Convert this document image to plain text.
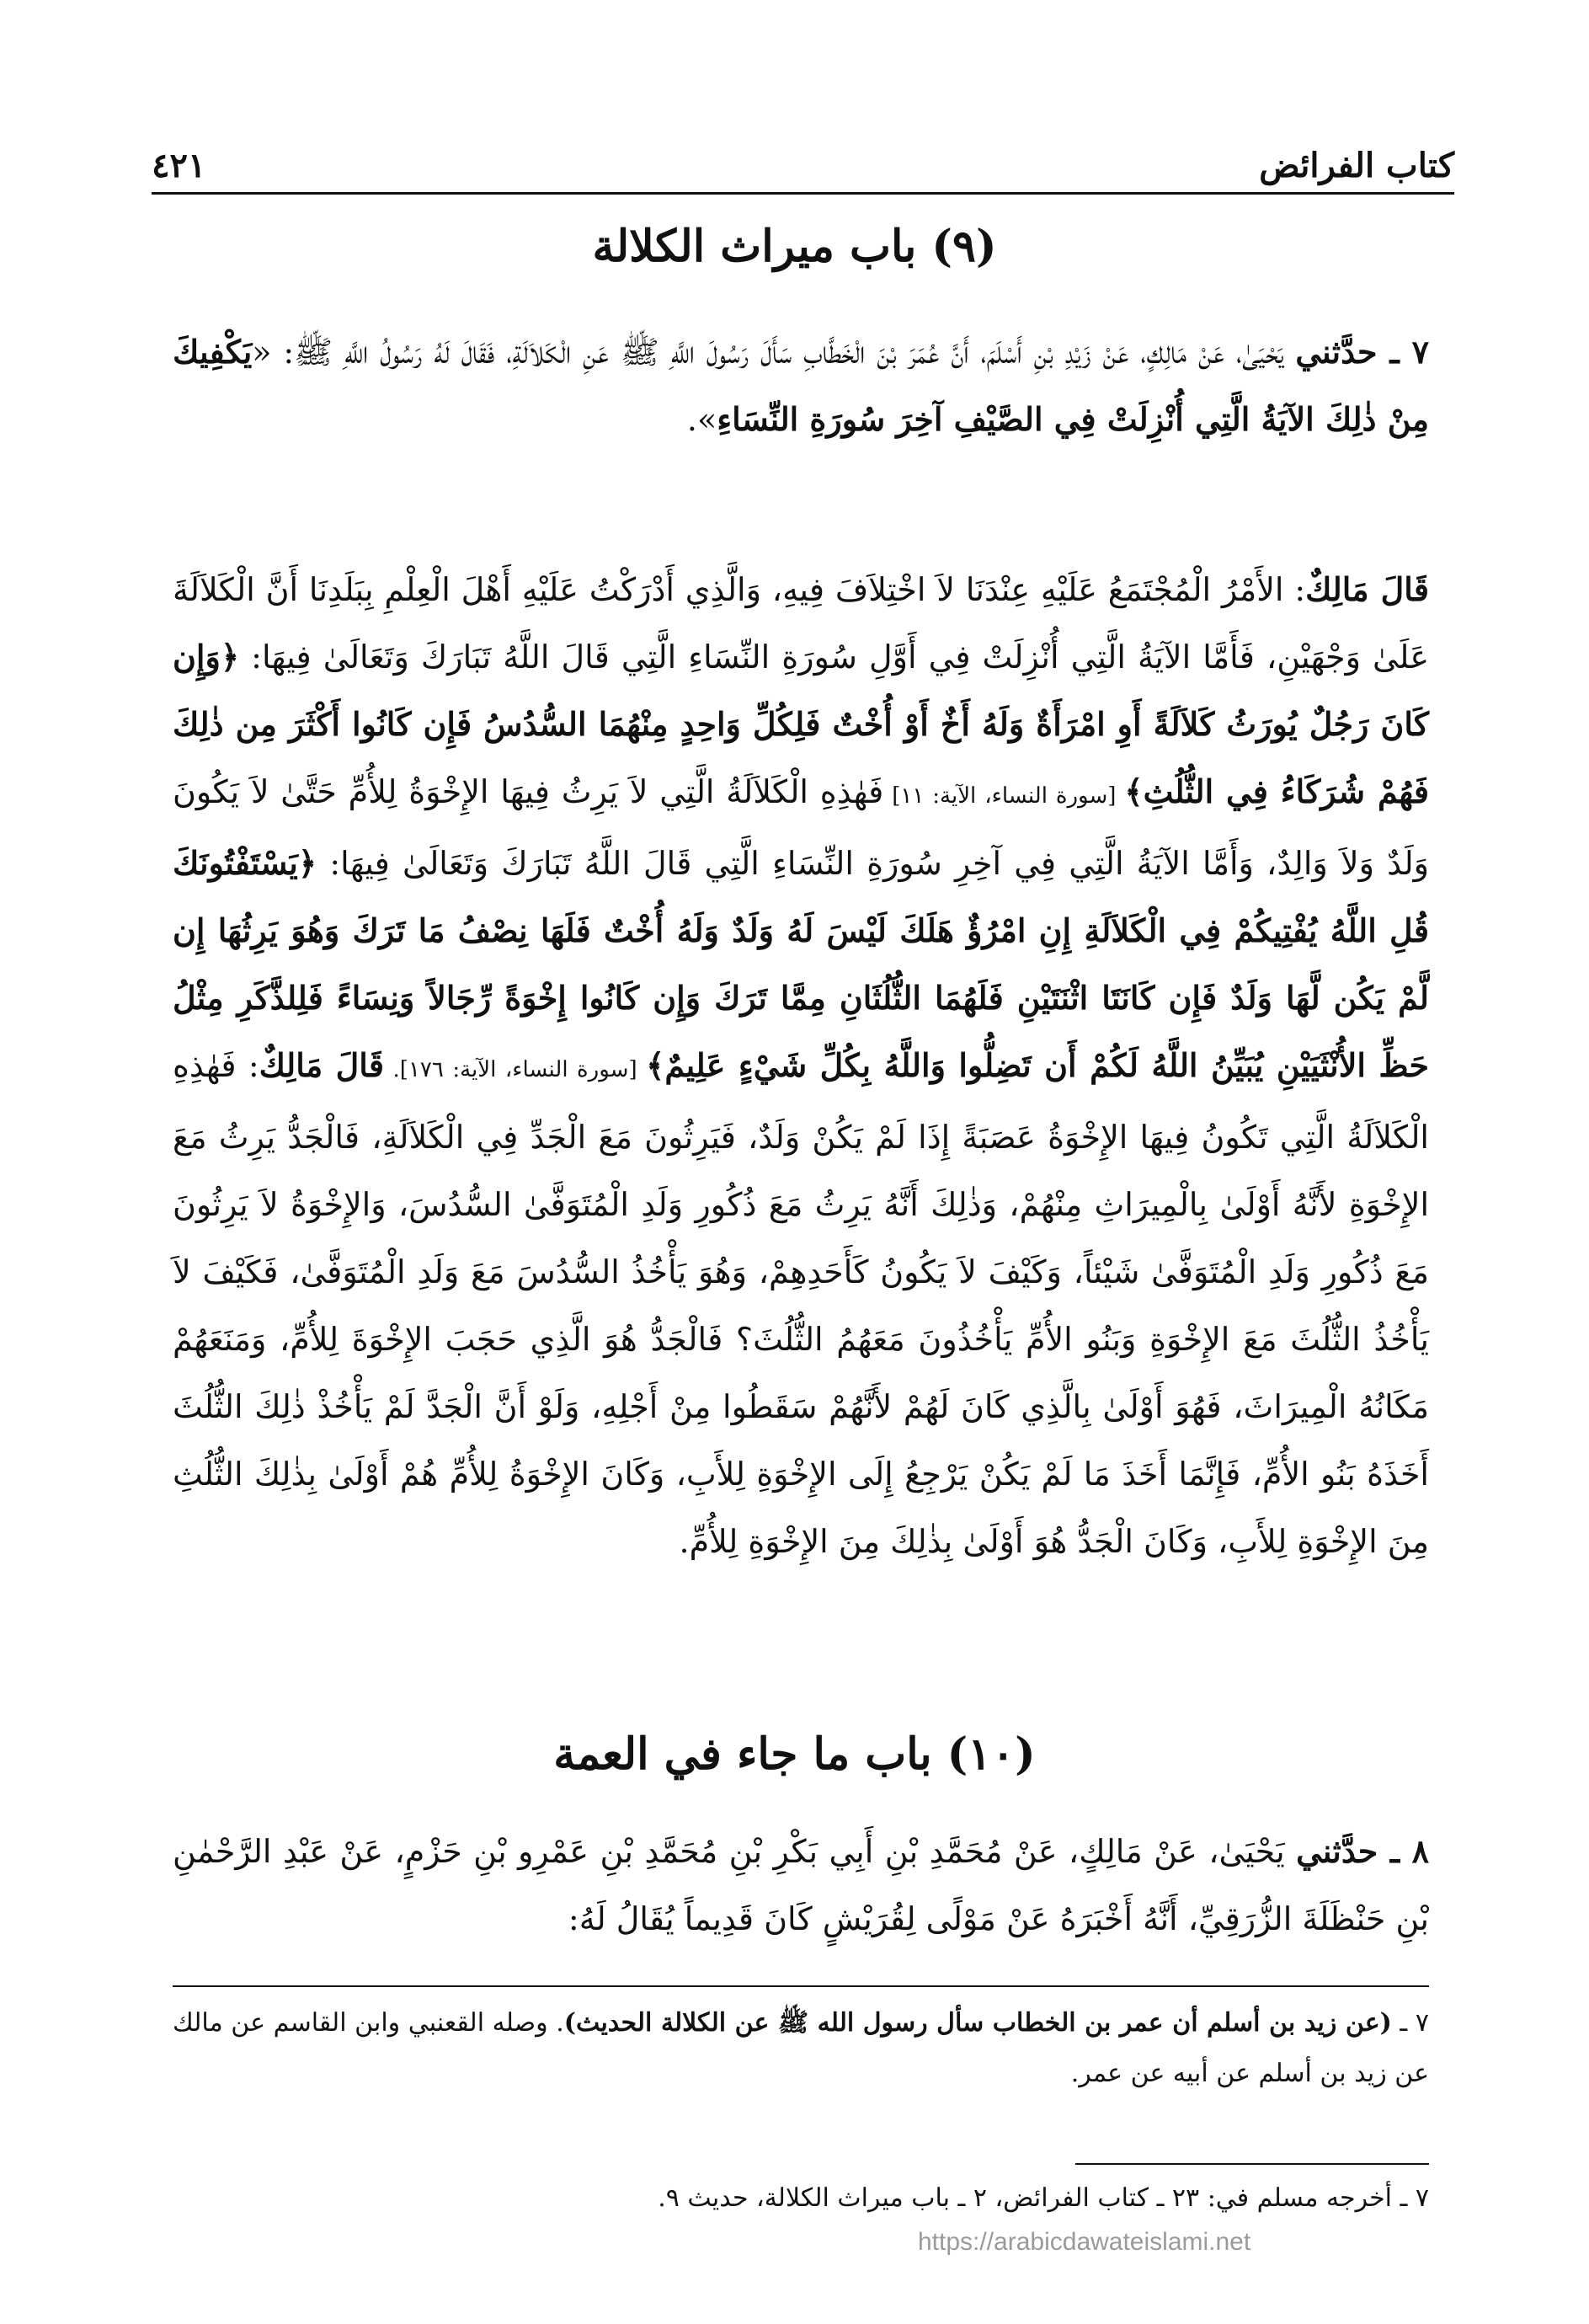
كتاب الفرائض
٤٢١
(٩) باب ميراث الكلالة
٧ ـ حدَّثني يَحْيَىٰ، عَنْ مَالِكٍ، عَنْ زَيْدِ بْنِ أَسْلَمَ، أَنَّ عُمَرَ بْنَ الْخَطَّابِ سَأَلَ رَسُولَ اللَّهِ ﷺ عَنِ الْكَلاَلَةِ، فَقَالَ لَهُ رَسُولُ اللَّهِ ﷺ: «يَكْفِيكَ مِنْ ذٰلِكَ الآيَةُ الَّتِي أُنْزِلَتْ فِي الصَّيْفِ آخِرَ سُورَةِ النِّسَاءِ».
قَالَ مَالِكٌ: الأَمْرُ الْمُجْتَمَعُ عَلَيْهِ عِنْدَنَا لاَ اخْتِلاَفَ فِيهِ، وَالَّذِي أَدْرَكْتُ عَلَيْهِ أَهْلَ الْعِلْمِ بِبَلَدِنَا أَنَّ الْكَلاَلَةَ عَلَىٰ وَجْهَيْنِ، فَأَمَّا الآيَةُ الَّتِي أُنْزِلَتْ فِي أَوَّلِ سُورَةِ النِّسَاءِ الَّتِي قَالَ اللَّهُ تَبَارَكَ وَتَعَالَىٰ فِيهَا: ﴿وَإِن كَانَ رَجُلٌ يُورَثُ كَلاَلَةً أَوِ امْرَأَةٌ وَلَهُ أَخٌ أَوْ أُخْتٌ فَلِكُلِّ وَاحِدٍ مِنْهُمَا السُّدُسُ فَإِن كَانُوا أَكْثَرَ مِن ذٰلِكَ فَهُمْ شُرَكَاءُ فِي الثُّلُثِ﴾ [سورة النساء، الآية: ١١] فَهٰذِهِ الْكَلاَلَةُ الَّتِي لاَ يَرِثُ فِيهَا الإِخْوَةُ لِلأُمِّ حَتَّىٰ لاَ يَكُونَ وَلَدٌ وَلاَ وَالِدٌ، وَأَمَّا الآيَةُ الَّتِي فِي آخِرِ سُورَةِ النِّسَاءِ الَّتِي قَالَ اللَّهُ تَبَارَكَ وَتَعَالَىٰ فِيهَا: ﴿يَسْتَفْتُونَكَ قُلِ اللَّهُ يُفْتِيكُمْ فِي الْكَلاَلَةِ إِنِ امْرُؤٌ هَلَكَ لَيْسَ لَهُ وَلَدٌ وَلَهُ أُخْتٌ فَلَهَا نِصْفُ مَا تَرَكَ وَهُوَ يَرِثُهَا إِن لَّمْ يَكُن لَّهَا وَلَدٌ فَإِن كَانَتَا اثْنَتَيْنِ فَلَهُمَا الثُّلُثَانِ مِمَّا تَرَكَ وَإِن كَانُوا إِخْوَةً رِّجَالاً وَنِسَاءً فَلِلذَّكَرِ مِثْلُ حَظِّ الأُنْثَيَيْنِ يُبَيِّنُ اللَّهُ لَكُمْ أَن تَضِلُّوا وَاللَّهُ بِكُلِّ شَيْءٍ عَلِيمٌ﴾ [سورة النساء، الآية: ١٧٦]. قَالَ مَالِكٌ: فَهٰذِهِ الْكَلاَلَةُ الَّتِي تَكُونُ فِيهَا الإِخْوَةُ عَصَبَةً إِذَا لَمْ يَكُنْ وَلَدٌ، فَيَرِثُونَ مَعَ الْجَدِّ فِي الْكَلاَلَةِ، فَالْجَدُّ يَرِثُ مَعَ الإِخْوَةِ لأَنَّهُ أَوْلَىٰ بِالْمِيرَاثِ مِنْهُمْ، وَذٰلِكَ أَنَّهُ يَرِثُ مَعَ ذُكُورِ وَلَدِ الْمُتَوَفَّىٰ السُّدُسَ، وَالإِخْوَةُ لاَ يَرِثُونَ مَعَ ذُكُورِ وَلَدِ الْمُتَوَفَّىٰ شَيْئاً، وَكَيْفَ لاَ يَكُونُ كَأَحَدِهِمْ، وَهُوَ يَأْخُذُ السُّدُسَ مَعَ وَلَدِ الْمُتَوَفَّىٰ، فَكَيْفَ لاَ يَأْخُذُ الثُّلُثَ مَعَ الإِخْوَةِ وَبَنُو الأُمِّ يَأْخُذُونَ مَعَهُمُ الثُّلُثَ؟ فَالْجَدُّ هُوَ الَّذِي حَجَبَ الإِخْوَةَ لِلأُمِّ، وَمَنَعَهُمْ مَكَانُهُ الْمِيرَاثَ، فَهُوَ أَوْلَىٰ بِالَّذِي كَانَ لَهُمْ لأَنَّهُمْ سَقَطُوا مِنْ أَجْلِهِ، وَلَوْ أَنَّ الْجَدَّ لَمْ يَأْخُذْ ذٰلِكَ الثُّلُثَ أَخَذَهُ بَنُو الأُمِّ، فَإِنَّمَا أَخَذَ مَا لَمْ يَكُنْ يَرْجِعُ إِلَى الإِخْوَةِ لِلأَبِ، وَكَانَ الإِخْوَةُ لِلأُمِّ هُمْ أَوْلَىٰ بِذٰلِكَ الثُّلُثِ مِنَ الإِخْوَةِ لِلأَبِ، وَكَانَ الْجَدُّ هُوَ أَوْلَىٰ بِذٰلِكَ مِنَ الإِخْوَةِ لِلأُمِّ.
(١٠) باب ما جاء في العمة
٨ ـ حدَّثني يَحْيَىٰ، عَنْ مَالِكٍ، عَنْ مُحَمَّدِ بْنِ أَبِي بَكْرِ بْنِ مُحَمَّدِ بْنِ عَمْرِو بْنِ حَزْمٍ، عَنْ عَبْدِ الرَّحْمٰنِ بْنِ حَنْظَلَةَ الزُّرَقِيِّ، أَنَّهُ أَخْبَرَهُ عَنْ مَوْلًى لِقُرَيْشٍ كَانَ قَدِيماً يُقَالُ لَهُ:
٧ ـ (عن زيد بن أسلم أن عمر بن الخطاب سأل رسول الله ﷺ عن الكلالة الحديث). وصله القعنبي وابن القاسم عن مالك عن زيد بن أسلم عن أبيه عن عمر.
٧ ـ أخرجه مسلم في: ٢٣ ـ كتاب الفرائض، ٢ ـ باب ميراث الكلالة، حديث ٩.
https://arabicdawateislami.net
